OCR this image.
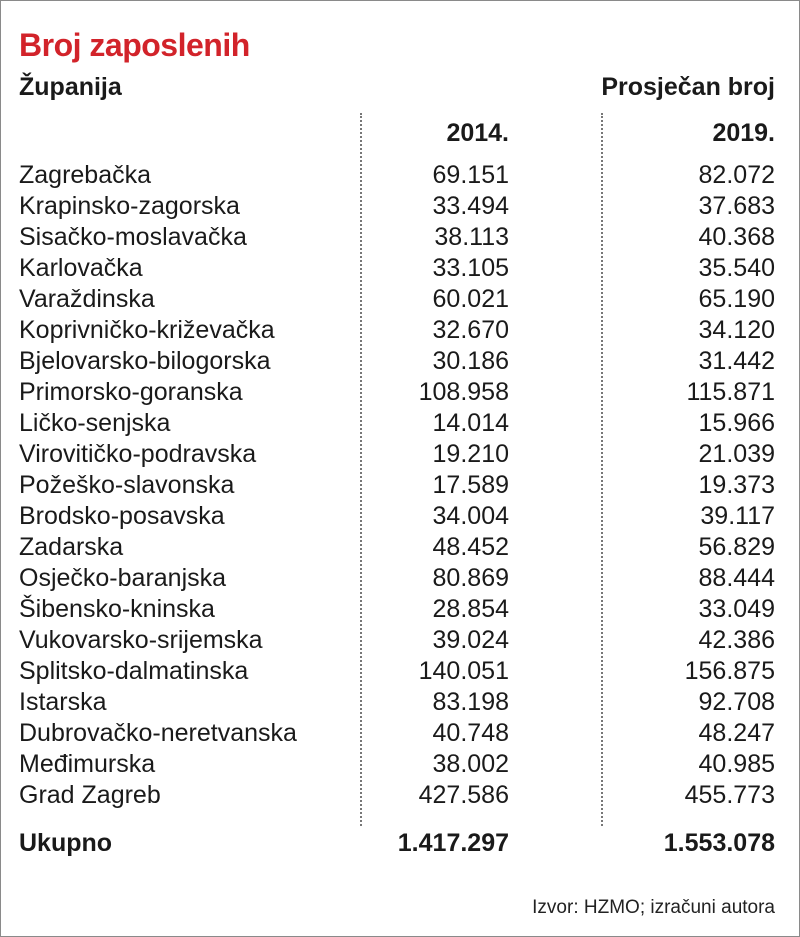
Broj zaposlenih
Županija	Prosječan broj
2014.	2019.
Zagrebačka	69.151	82.072
Krapinsko-zagorska	33.494	37.683
Sisačko-moslavačka	38.113	40.368
Karlovačka	33.105	35.540
Varaždinska	60.021	65.190
Koprivničko-križevačka	32.670	34.120
Bjelovarsko-bilogorska	30.186	31.442
Primorsko-goranska	108.958	115.871
Ličko-senjska	14.014	15.966
Virovitičko-podravska	19.210	21.039
Požeško-slavonska	17.589	19.373
Brodsko-posavska	34.004	39.117
Zadarska	48.452	56.829
Osječko-baranjska	80.869	88.444
Šibensko-kninska	28.854	33.049
Vukovarsko-srijemska	39.024	42.386
Splitsko-dalmatinska	140.051	156.875
Istarska	83.198	92.708
Dubrovačko-neretvanska	40.748	48.247
Međimurska	38.002	40.985
Grad Zagreb	427.586	455.773
Ukupno	1.417.297	1.553.078
Izvor: HZMO; izračuni autora
